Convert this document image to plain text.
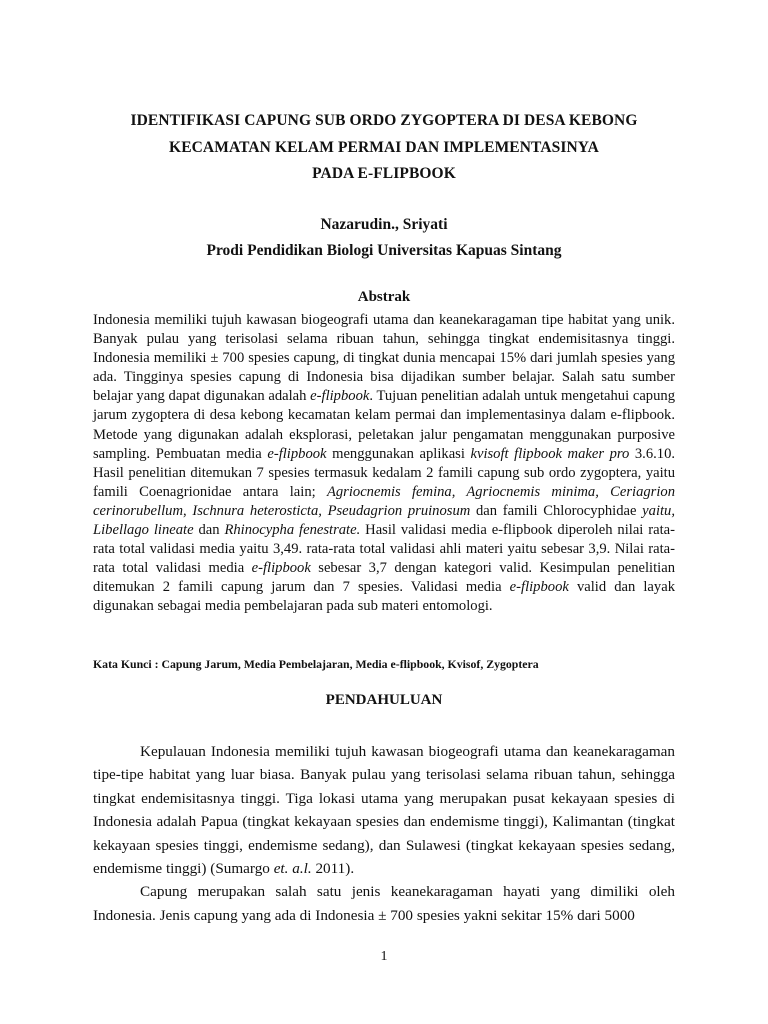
IDENTIFIKASI CAPUNG SUB ORDO ZYGOPTERA DI DESA KEBONG
KECAMATAN KELAM PERMAI DAN IMPLEMENTASINYA
PADA E-FLIPBOOK
Nazarudin., Sriyati
Prodi Pendidikan Biologi Universitas Kapuas Sintang
Abstrak
Indonesia memiliki tujuh kawasan biogeografi utama dan keanekaragaman tipe habitat yang unik. Banyak pulau yang terisolasi selama ribuan tahun, sehingga tingkat endemisitasnya tinggi. Indonesia memiliki ± 700 spesies capung, di tingkat dunia mencapai 15% dari jumlah spesies yang ada. Tingginya spesies capung di Indonesia bisa dijadikan sumber belajar. Salah satu sumber belajar yang dapat digunakan adalah e-flipbook. Tujuan penelitian adalah untuk mengetahui capung jarum zygoptera di desa kebong kecamatan kelam permai dan implementasinya dalam e-flipbook. Metode yang digunakan adalah eksplorasi, peletakan jalur pengamatan menggunakan purposive sampling. Pembuatan media e-flipbook menggunakan aplikasi kvisoft flipbook maker pro 3.6.10. Hasil penelitian ditemukan 7 spesies termasuk kedalam 2 famili capung sub ordo zygoptera, yaitu famili Coenagrionidae antara lain; Agriocnemis femina, Agriocnemis minima, Ceriagrion cerinorubellum, Ischnura heterosticta, Pseudagrion pruinosum dan famili Chlorocyphidae yaitu, Libellago lineate dan Rhinocypha fenestrate. Hasil validasi media e-flipbook diperoleh nilai rata-rata total validasi media yaitu 3,49. rata-rata total validasi ahli materi yaitu sebesar 3,9. Nilai rata-rata total validasi media e-flipbook sebesar 3,7 dengan kategori valid. Kesimpulan penelitian ditemukan 2 famili capung jarum dan 7 spesies. Validasi media e-flipbook valid dan layak digunakan sebagai media pembelajaran pada sub materi entomologi.
Kata Kunci : Capung Jarum, Media Pembelajaran, Media e-flipbook, Kvisof, Zygoptera
PENDAHULUAN

Kepulauan Indonesia memiliki tujuh kawasan biogeografi utama dan keanekaragaman tipe-tipe habitat yang luar biasa. Banyak pulau yang terisolasi selama ribuan tahun, sehingga tingkat endemisitasnya tinggi. Tiga lokasi utama yang merupakan pusat kekayaan spesies di Indonesia adalah Papua (tingkat kekayaan spesies dan endemisme tinggi), Kalimantan (tingkat kekayaan spesies tinggi, endemisme sedang), dan Sulawesi (tingkat kekayaan spesies sedang, endemisme tinggi) (Sumargo et. a.l. 2011).

Capung merupakan salah satu jenis keanekaragaman hayati yang dimiliki oleh Indonesia. Jenis capung yang ada di Indonesia ± 700 spesies yakni sekitar 15% dari 5000

1
